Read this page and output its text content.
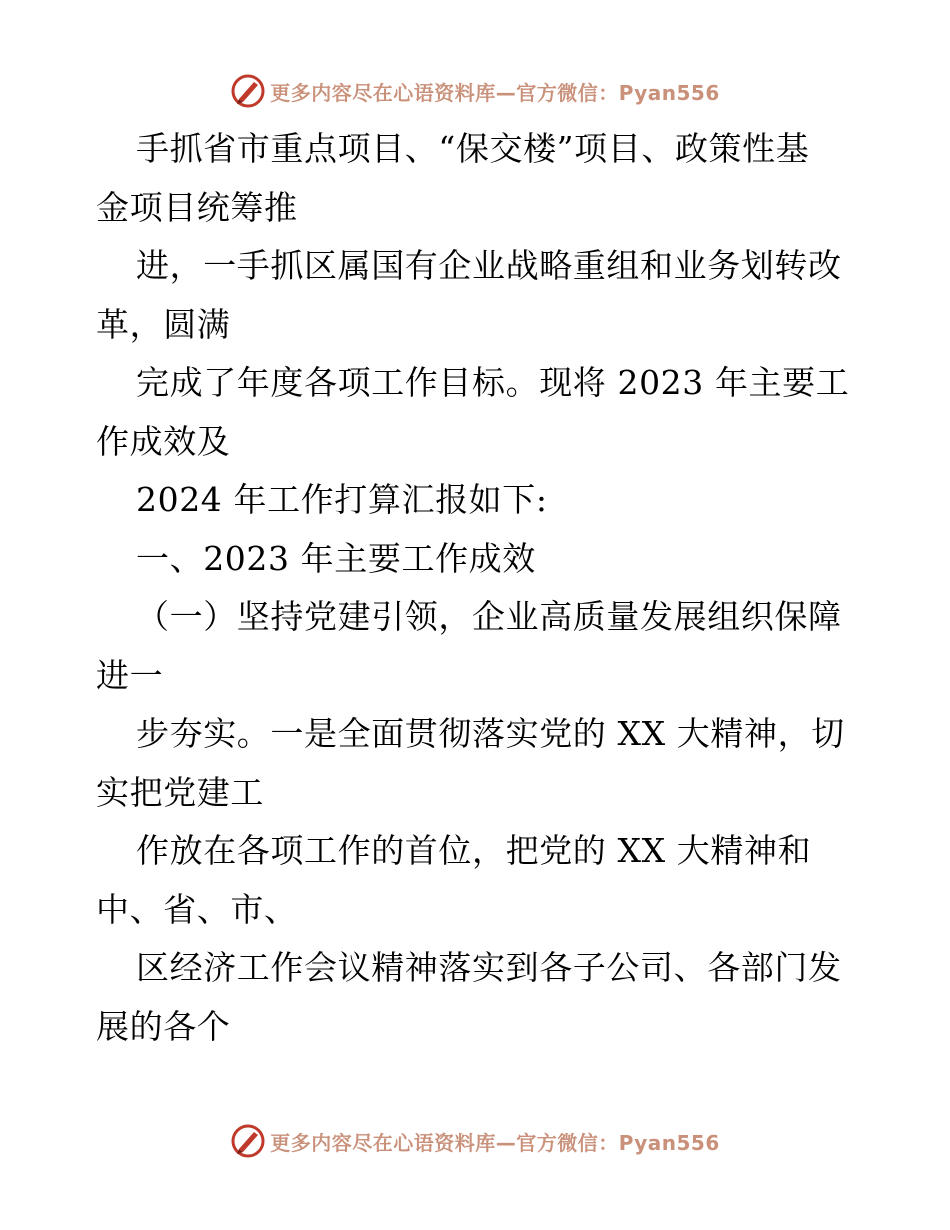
更多内容尽在心语资料库—官方微信：Pyan556
手抓省市重点项目、“保交楼”项目、政策性基
金项目统筹推
进，一手抓区属国有企业战略重组和业务划转改
革，圆满
完成了年度各项工作目标。现将 2023 年主要工
作成效及
2024 年工作打算汇报如下:
一、2023 年主要工作成效
（一）坚持党建引领，企业高质量发展组织保障
进一
步夯实。一是全面贯彻落实党的 XX 大精神，切
实把党建工
作放在各项工作的首位，把党的 XX 大精神和
中、省、市、
区经济工作会议精神落实到各子公司、各部门发
展的各个
更多内容尽在心语资料库—官方微信：Pyan556
